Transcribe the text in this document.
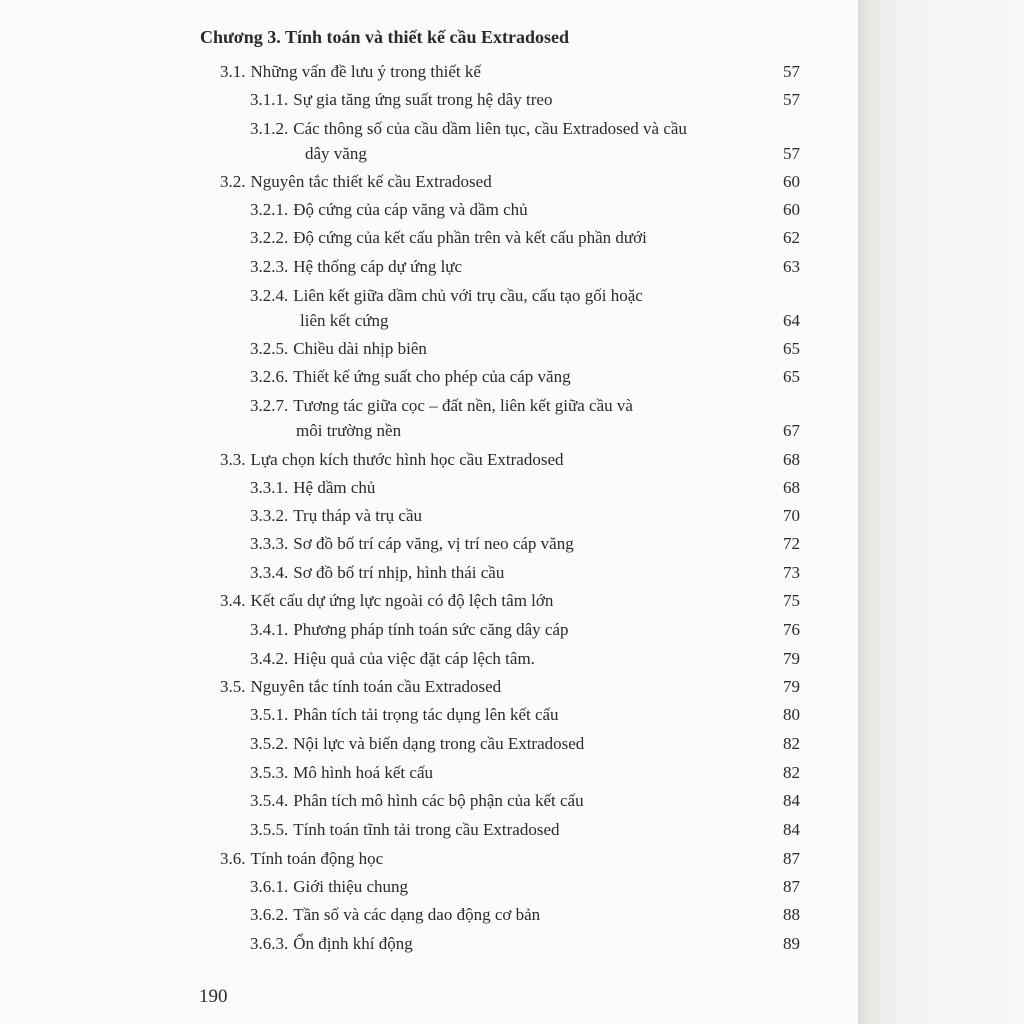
Chương 3. Tính toán và thiết kế cầu Extradosed
3.1. Những vấn đề lưu ý trong thiết kế	57
3.1.1. Sự gia tăng ứng suất trong hệ dây treo	57
3.1.2. Các thông số của cầu dầm liên tục, cầu Extradosed và cầu
dây văng	57
3.2. Nguyên tắc thiết kế cầu Extradosed	60
3.2.1. Độ cứng của cáp văng và dầm chủ	60
3.2.2. Độ cứng của kết cấu phần trên và kết cấu phần dưới	62
3.2.3. Hệ thống cáp dự ứng lực	63
3.2.4. Liên kết giữa dầm chủ với trụ cầu, cấu tạo gối hoặc
liên kết cứng	64
3.2.5. Chiều dài nhịp biên	65
3.2.6. Thiết kế ứng suất cho phép của cáp văng	65
3.2.7. Tương tác giữa cọc – đất nền, liên kết giữa cầu và
môi trường nền	67
3.3. Lựa chọn kích thước hình học cầu Extradosed	68
3.3.1. Hệ dầm chủ	68
3.3.2. Trụ tháp và trụ cầu	70
3.3.3. Sơ đồ bố trí cáp văng, vị trí neo cáp văng	72
3.3.4. Sơ đồ bố trí nhịp, hình thái cầu	73
3.4. Kết cấu dự ứng lực ngoài có độ lệch tâm lớn	75
3.4.1. Phương pháp tính toán sức căng dây cáp	76
3.4.2. Hiệu quả của việc đặt cáp lệch tâm.	79
3.5. Nguyên tắc tính toán cầu Extradosed	79
3.5.1. Phân tích tải trọng tác dụng lên kết cấu	80
3.5.2. Nội lực và biến dạng trong cầu Extradosed	82
3.5.3. Mô hình hoá kết cấu	82
3.5.4. Phân tích mô hình các bộ phận của kết cấu	84
3.5.5. Tính toán tĩnh tải trong cầu Extradosed	84
3.6. Tính toán động học	87
3.6.1. Giới thiệu chung	87
3.6.2. Tần số và các dạng dao động cơ bản	88
3.6.3. Ổn định khí động	89
190
